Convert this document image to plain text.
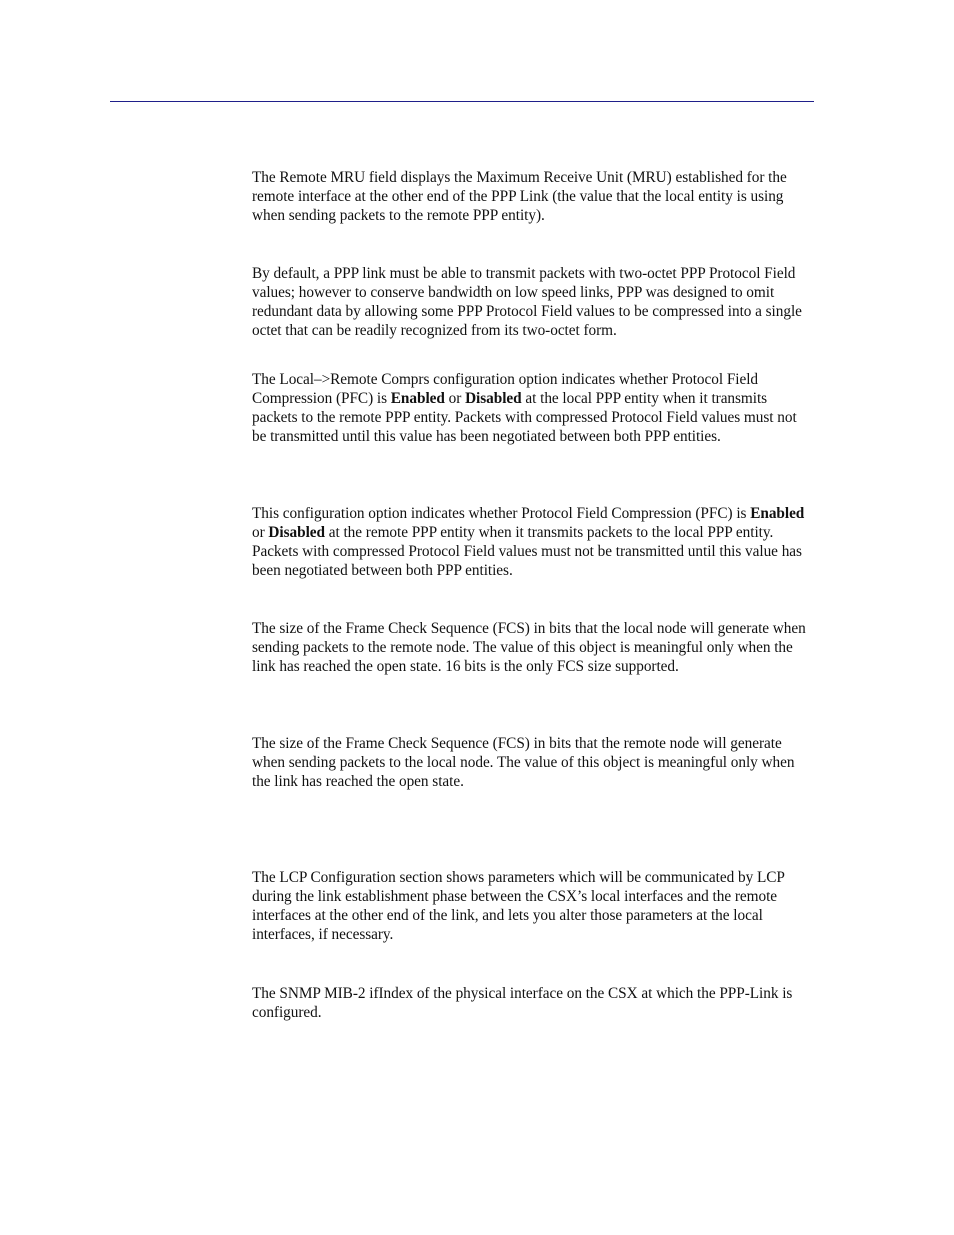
The Remote MRU field displays the Maximum Receive Unit (MRU) established for the remote interface at the other end of the PPP Link (the value that the local entity is using when sending packets to the remote PPP entity).

By default, a PPP link must be able to transmit packets with two-octet PPP Protocol Field values; however to conserve bandwidth on low speed links, PPP was designed to omit redundant data by allowing some PPP Protocol Field values to be compressed into a single octet that can be readily recognized from its two-octet form.

The Local–>Remote Comprs configuration option indicates whether Protocol Field Compression (PFC) is Enabled or Disabled at the local PPP entity when it transmits packets to the remote PPP entity. Packets with compressed Protocol Field values must not be transmitted until this value has been negotiated between both PPP entities.

This configuration option indicates whether Protocol Field Compression (PFC) is Enabled or Disabled at the remote PPP entity when it transmits packets to the local PPP entity. Packets with compressed Protocol Field values must not be transmitted until this value has been negotiated between both PPP entities.

The size of the Frame Check Sequence (FCS) in bits that the local node will generate when sending packets to the remote node. The value of this object is meaningful only when the link has reached the open state. 16 bits is the only FCS size supported.

The size of the Frame Check Sequence (FCS) in bits that the remote node will generate when sending packets to the local node. The value of this object is meaningful only when the link has reached the open state.

The LCP Configuration section shows parameters which will be communicated by LCP during the link establishment phase between the CSX’s local interfaces and the remote interfaces at the other end of the link, and lets you alter those parameters at the local interfaces, if necessary.

The SNMP MIB-2 ifIndex of the physical interface on the CSX at which the PPP-Link is configured.
